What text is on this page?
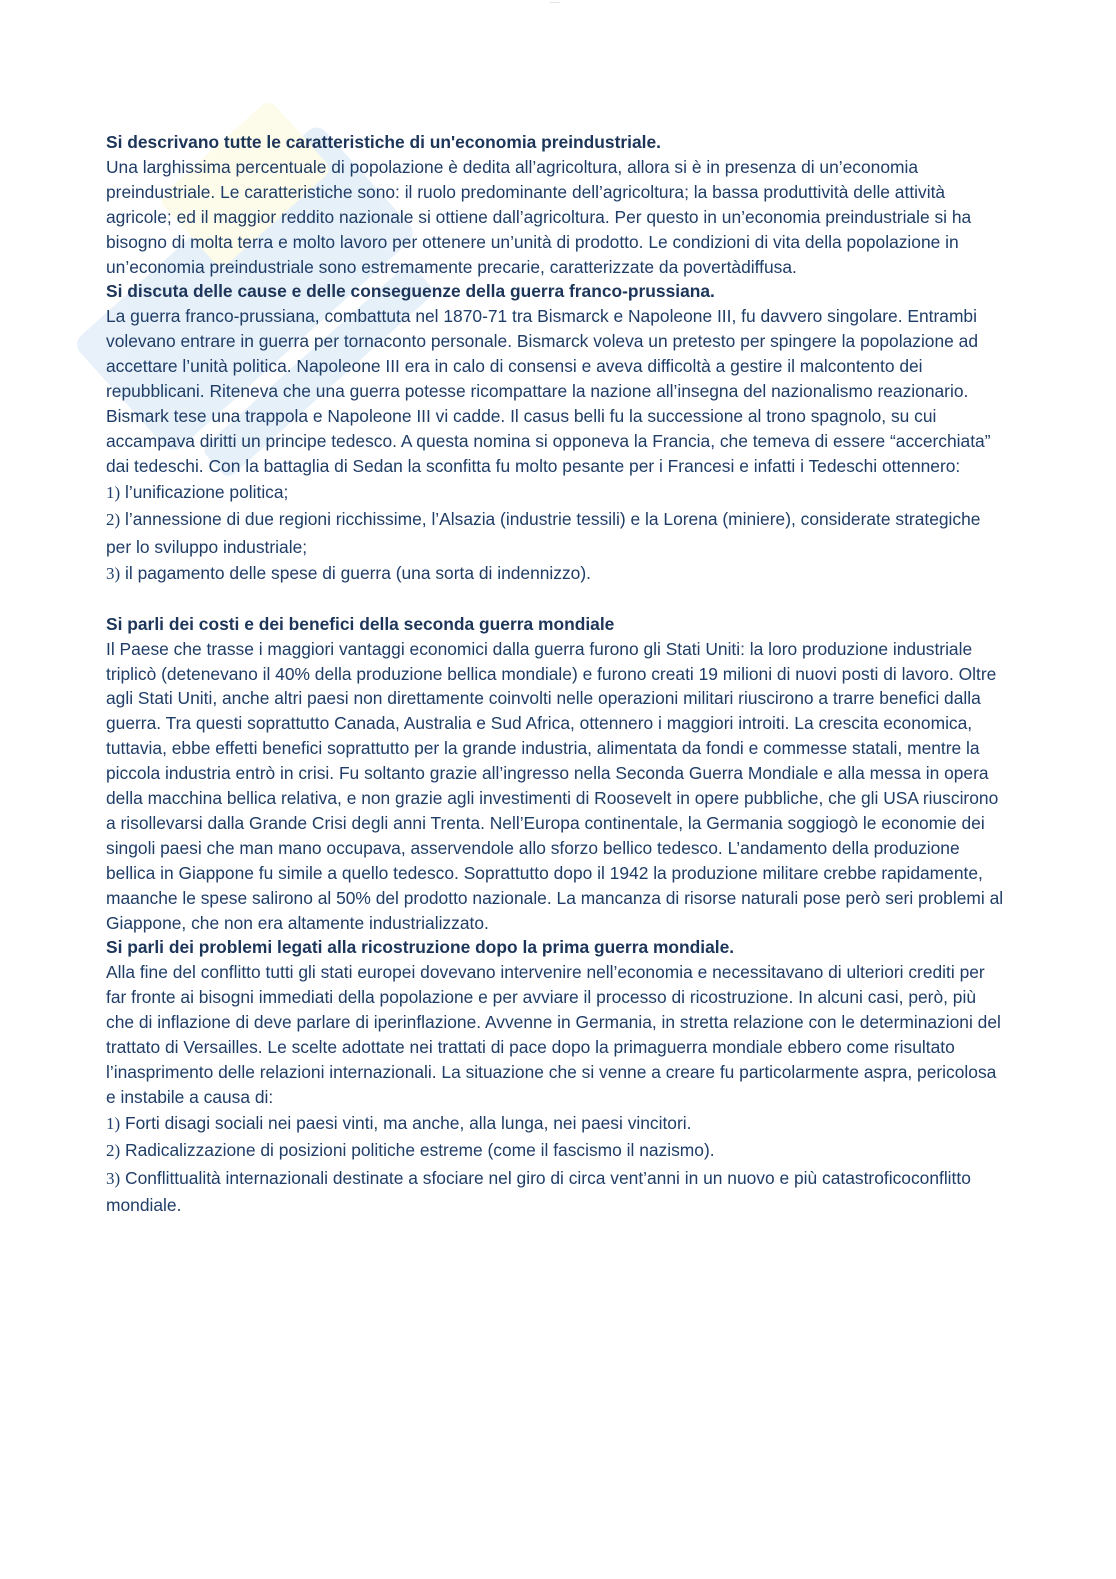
——

Si descrivano tutte le caratteristiche di un'economia preindustriale.

Una larghissima percentuale di popolazione è dedita all’agricoltura, allora si è in presenza di un’economia preindustriale. Le caratteristiche sono: il ruolo predominante dell’agricoltura; la bassa produttività delle attività agricole; ed il maggior reddito nazionale si ottiene dall’agricoltura. Per questo in un’economia preindustriale si ha bisogno di molta terra e molto lavoro per ottenere un’unità di prodotto. Le condizioni di vita della popolazione in un’economia preindustriale sono estremamente precarie, caratterizzate da povertàdiffusa.

Si discuta delle cause e delle conseguenze della guerra franco-prussiana.

La guerra franco-prussiana, combattuta nel 1870-71 tra Bismarck e Napoleone III, fu davvero singolare. Entrambi volevano entrare in guerra per tornaconto personale. Bismarck voleva un pretesto per spingere la popolazione ad accettare l’unità politica. Napoleone III era in calo di consensi e aveva difficoltà a gestire il malcontento dei repubblicani. Riteneva che una guerra potesse ricompattare la nazione all’insegna del nazionalismo reazionario. Bismark tese una trappola e Napoleone III vi cadde. Il casus belli fu la successione al trono spagnolo, su cui accampava diritti un principe tedesco. A questa nomina si opponeva la Francia, che temeva di essere “accerchiata” dai tedeschi. Con la battaglia di Sedan la sconfitta fu molto pesante per i Francesi e infatti i Tedeschi ottennero:

1) l’unificazione politica;

2) l’annessione di due regioni ricchissime, l’Alsazia (industrie tessili) e la Lorena (miniere), considerate strategiche per lo sviluppo industriale;

3) il pagamento delle spese di guerra (una sorta di indennizzo).

Si parli dei costi e dei benefici della seconda guerra mondiale

Il Paese che trasse i maggiori vantaggi economici dalla guerra furono gli Stati Uniti: la loro produzione industriale triplicò (detenevano il 40% della produzione bellica mondiale) e furono creati 19 milioni di nuovi posti di lavoro. Oltre agli Stati Uniti, anche altri paesi non direttamente coinvolti nelle operazioni militari riuscirono a trarre benefici dalla guerra. Tra questi soprattutto Canada, Australia e Sud Africa, ottennero i maggiori introiti. La crescita economica, tuttavia, ebbe effetti benefici soprattutto per la grande industria, alimentata da fondi e commesse statali, mentre la piccola industria entrò in crisi. Fu soltanto grazie all’ingresso nella Seconda Guerra Mondiale e alla messa in opera della macchina bellica relativa, e non grazie agli investimenti di Roosevelt in opere pubbliche, che gli USA riuscirono a risollevarsi dalla Grande Crisi degli anni Trenta. Nell’Europa continentale, la Germania soggiogò le economie dei singoli paesi che man mano occupava, asservendole allo sforzo bellico tedesco. L’andamento della produzione bellica in Giappone fu simile a quello tedesco. Soprattutto dopo il 1942 la produzione militare crebbe rapidamente, maanche le spese salirono al 50% del prodotto nazionale. La mancanza di risorse naturali pose però seri problemi al Giappone, che non era altamente industrializzato.

Si parli dei problemi legati alla ricostruzione dopo la prima guerra mondiale.

Alla fine del conflitto tutti gli stati europei dovevano intervenire nell’economia e necessitavano di ulteriori crediti per far fronte ai bisogni immediati della popolazione e per avviare il processo di ricostruzione. In alcuni casi, però, più che di inflazione di deve parlare di iperinflazione. Avvenne in Germania, in stretta relazione con le determinazioni del trattato di Versailles. Le scelte adottate nei trattati di pace dopo la primaguerra mondiale ebbero come risultato l’inasprimento delle relazioni internazionali. La situazione che si venne a creare fu particolarmente aspra, pericolosa e instabile a causa di:

1) Forti disagi sociali nei paesi vinti, ma anche, alla lunga, nei paesi vincitori.

2) Radicalizzazione di posizioni politiche estreme (come il fascismo il nazismo).

3) Conflittualità internazionali destinate a sfociare nel giro di circa vent’anni in un nuovo e più catastroficoconflitto mondiale.
